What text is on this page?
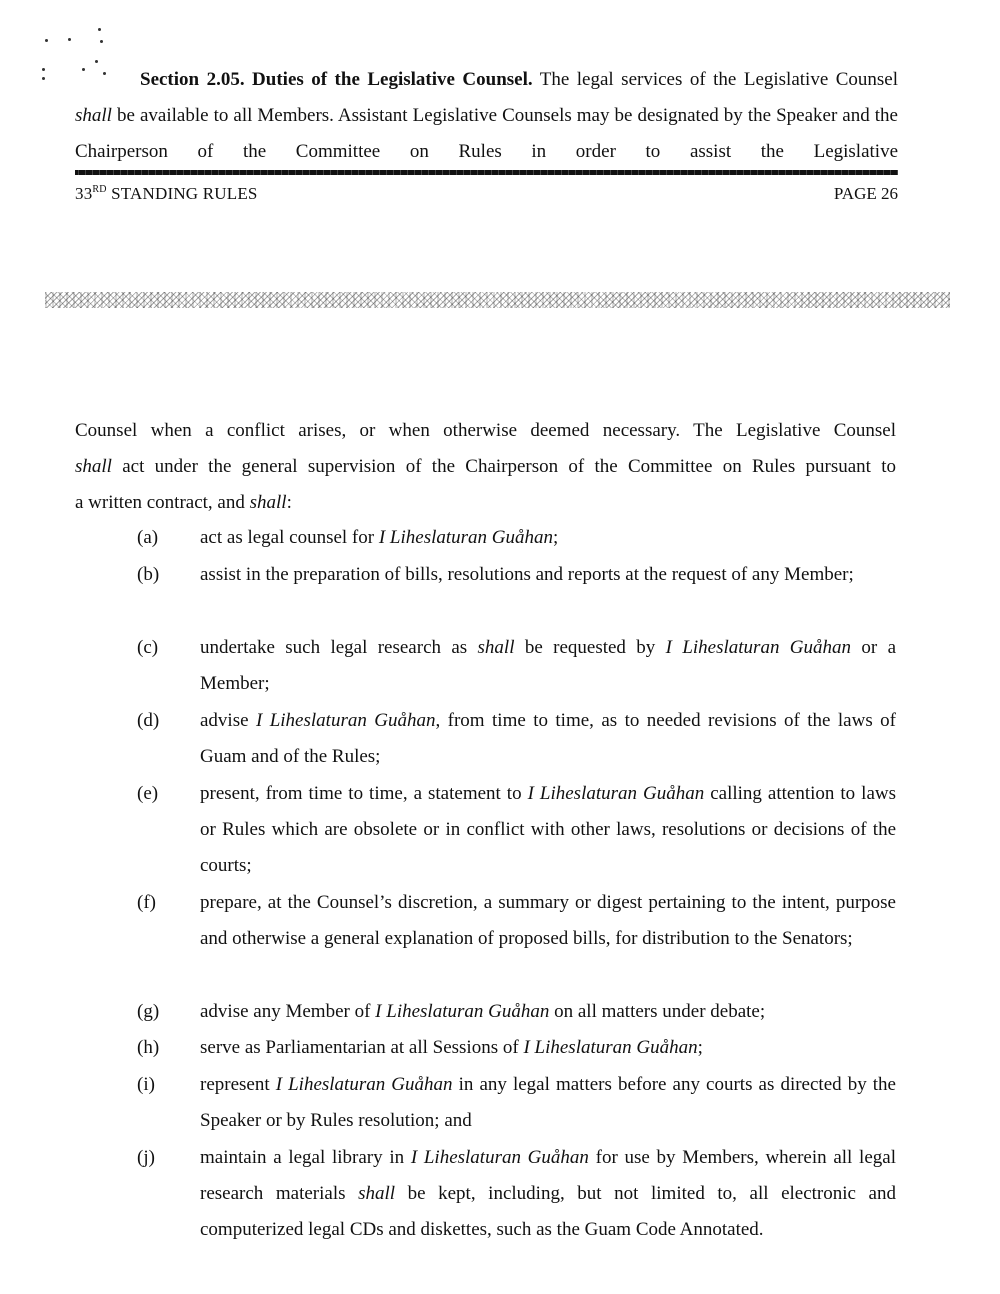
Section 2.05. Duties of the Legislative Counsel. The legal services of the Legislative Counsel shall be available to all Members. Assistant Legislative Counsels may be designated by the Speaker and the Chairperson of the Committee on Rules in order to assist the Legislative
33RD STANDING RULES	PAGE 26
Counsel when a conflict arises, or when otherwise deemed necessary. The Legislative Counsel
shall act under the general supervision of the Chairperson of the Committee on Rules pursuant to
a written contract, and shall:
(a) act as legal counsel for I Liheslaturan Guåhan;
(b) assist in the preparation of bills, resolutions and reports at the request of any Member;
(c) undertake such legal research as shall be requested by I Liheslaturan Guåhan or a Member;
(d) advise I Liheslaturan Guåhan, from time to time, as to needed revisions of the laws of Guam and of the Rules;
(e) present, from time to time, a statement to I Liheslaturan Guåhan calling attention to laws or Rules which are obsolete or in conflict with other laws, resolutions or decisions of the courts;
(f) prepare, at the Counsel’s discretion, a summary or digest pertaining to the intent, purpose and otherwise a general explanation of proposed bills, for distribution to the Senators;
(g) advise any Member of I Liheslaturan Guåhan on all matters under debate;
(h) serve as Parliamentarian at all Sessions of I Liheslaturan Guåhan;
(i) represent I Liheslaturan Guåhan in any legal matters before any courts as directed by the Speaker or by Rules resolution; and
(j) maintain a legal library in I Liheslaturan Guåhan for use by Members, wherein all legal research materials shall be kept, including, but not limited to, all electronic and computerized legal CDs and diskettes, such as the Guam Code Annotated.
